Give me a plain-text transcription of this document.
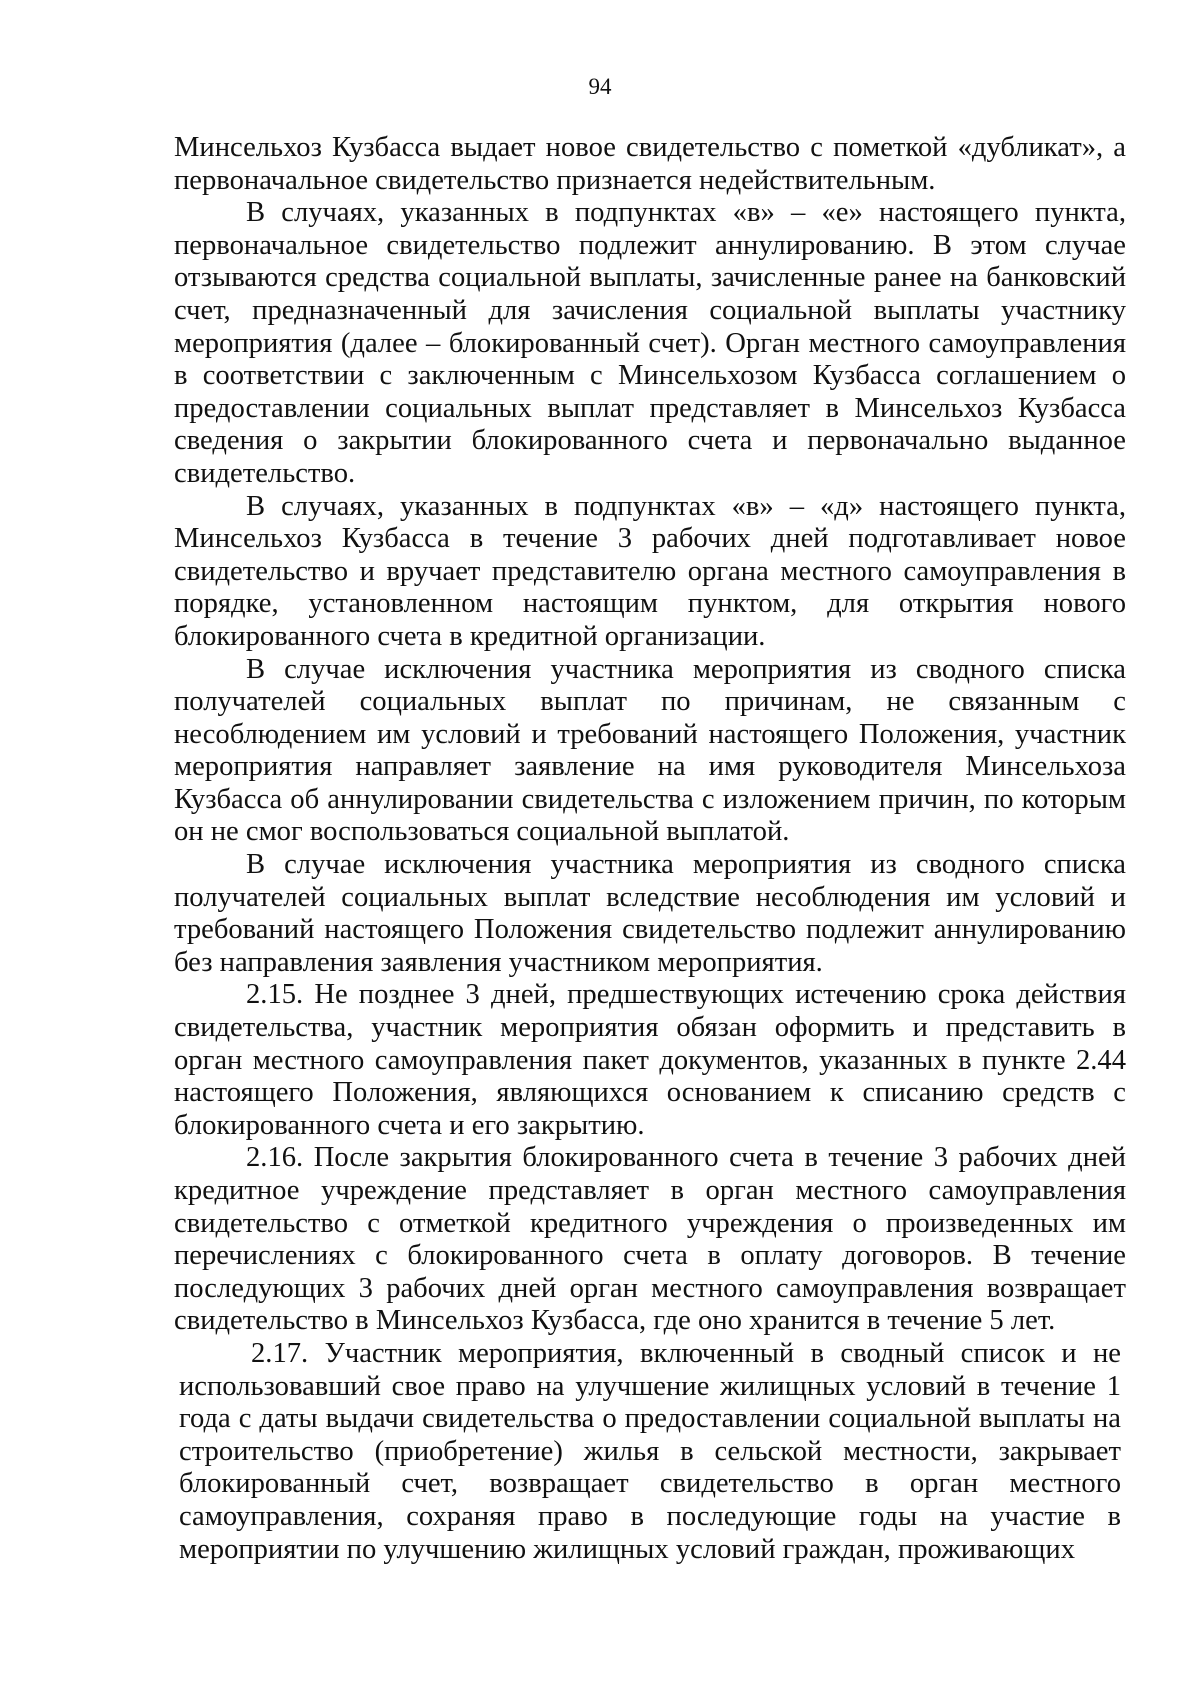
94

Минсельхоз Кузбасса выдает новое свидетельство с пометкой «дубликат», а первоначальное свидетельство признается недействительным.

В случаях, указанных в подпунктах «в» – «е» настоящего пункта, первоначальное свидетельство подлежит аннулированию. В этом случае отзываются средства социальной выплаты, зачисленные ранее на банковский счет, предназначенный для зачисления социальной выплаты участнику мероприятия (далее – блокированный счет). Орган местного самоуправления в соответствии с заключенным с Минсельхозом Кузбасса соглашением о предоставлении социальных выплат представляет в Минсельхоз Кузбасса сведения о закрытии блокированного счета и первоначально выданное свидетельство.

В случаях, указанных в подпунктах «в» – «д» настоящего пункта, Минсельхоз Кузбасса в течение 3 рабочих дней подготавливает новое свидетельство и вручает представителю органа местного самоуправления в порядке, установленном настоящим пунктом, для открытия нового блокированного счета в кредитной организации.

В случае исключения участника мероприятия из сводного списка получателей социальных выплат по причинам, не связанным с несоблюдением им условий и требований настоящего Положения, участник мероприятия направляет заявление на имя руководителя Минсельхоза Кузбасса об аннулировании свидетельства с изложением причин, по которым он не смог воспользоваться социальной выплатой.

В случае исключения участника мероприятия из сводного списка получателей социальных выплат вследствие несоблюдения им условий и требований настоящего Положения свидетельство подлежит аннулированию без направления заявления участником мероприятия.

2.15. Не позднее 3 дней, предшествующих истечению срока действия свидетельства, участник мероприятия обязан оформить и представить в орган местного самоуправления пакет документов, указанных в пункте 2.44 настоящего Положения, являющихся основанием к списанию средств с блокированного счета и его закрытию.

2.16. После закрытия блокированного счета в течение 3 рабочих дней кредитное учреждение представляет в орган местного самоуправления свидетельство с отметкой кредитного учреждения о произведенных им перечислениях с блокированного счета в оплату договоров. В течение последующих 3 рабочих дней орган местного самоуправления возвращает свидетельство в Минсельхоз Кузбасса, где оно хранится в течение 5 лет.

2.17. Участник мероприятия, включенный в сводный список и не использовавший свое право на улучшение жилищных условий в течение 1 года с даты выдачи свидетельства о предоставлении социальной выплаты на строительство (приобретение) жилья в сельской местности, закрывает блокированный счет, возвращает свидетельство в орган местного самоуправления, сохраняя право в последующие годы на участие в мероприятии по улучшению жилищных условий граждан, проживающих
